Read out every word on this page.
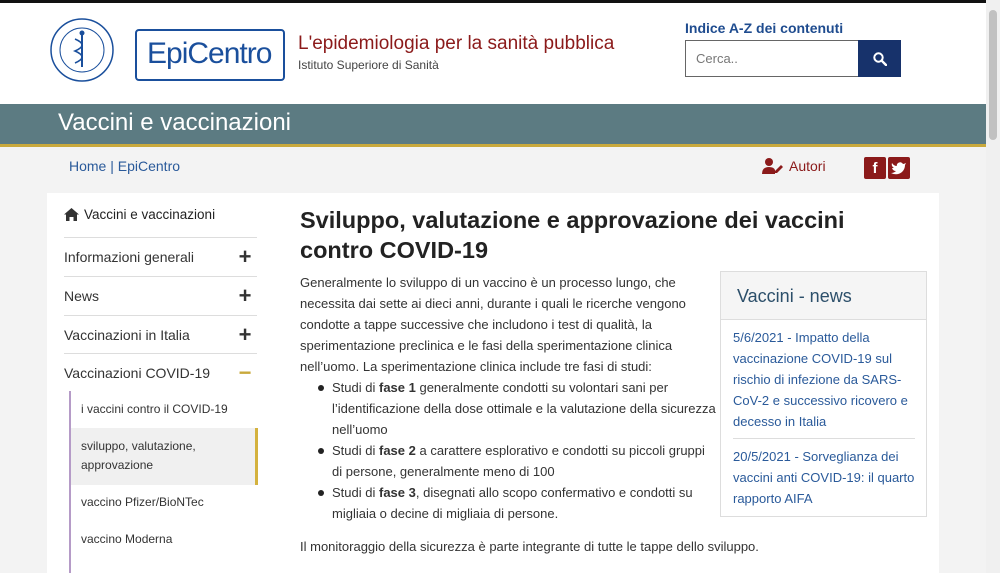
EpiCentro L'epidemiologia per la sanità pubblica
Istituto Superiore di Sanità
Indice A-Z dei contenuti
Cerca..
Vaccini e vaccinazioni
Home | EpiCentro	Autori	f
Vaccini e vaccinazioni
Informazioni generali +
News	+
Vaccinazioni in Italia +
Vaccinazioni COVID-19 −
i vaccini contro il COVID-19
sviluppo, valutazione, approvazione
vaccino Pfizer/BioNTec
vaccino Moderna
Sviluppo, valutazione e approvazione dei vaccini contro COVID-19

Generalmente lo sviluppo di un vaccino è un processo lungo, che necessita dai sette ai dieci anni, durante i quali le ricerche vengono condotte a tappe successive che includono i test di qualità, la sperimentazione preclinica e le fasi della sperimentazione clinica nell’uomo. La sperimentazione clinica include tre fasi di studi:

Studi di fase 1 generalmente condotti su volontari sani per l’identificazione della dose ottimale e la valutazione della sicurezza nell’uomo
Studi di fase 2 a carattere esplorativo e condotti su piccoli gruppi di persone, generalmente meno di 100
Studi di fase 3, disegnati allo scopo confermativo e condotti su migliaia o decine di migliaia di persone.

Il monitoraggio della sicurezza è parte integrante di tutte le tappe dello sviluppo.

Vaccini - news
5/6/2021 - Impatto della vaccinazione COVID-19 sul rischio di infezione da SARS-CoV-2 e successivo ricovero e decesso in Italia
20/5/2021 - Sorveglianza dei vaccini anti COVID-19: il quarto rapporto AIFA
